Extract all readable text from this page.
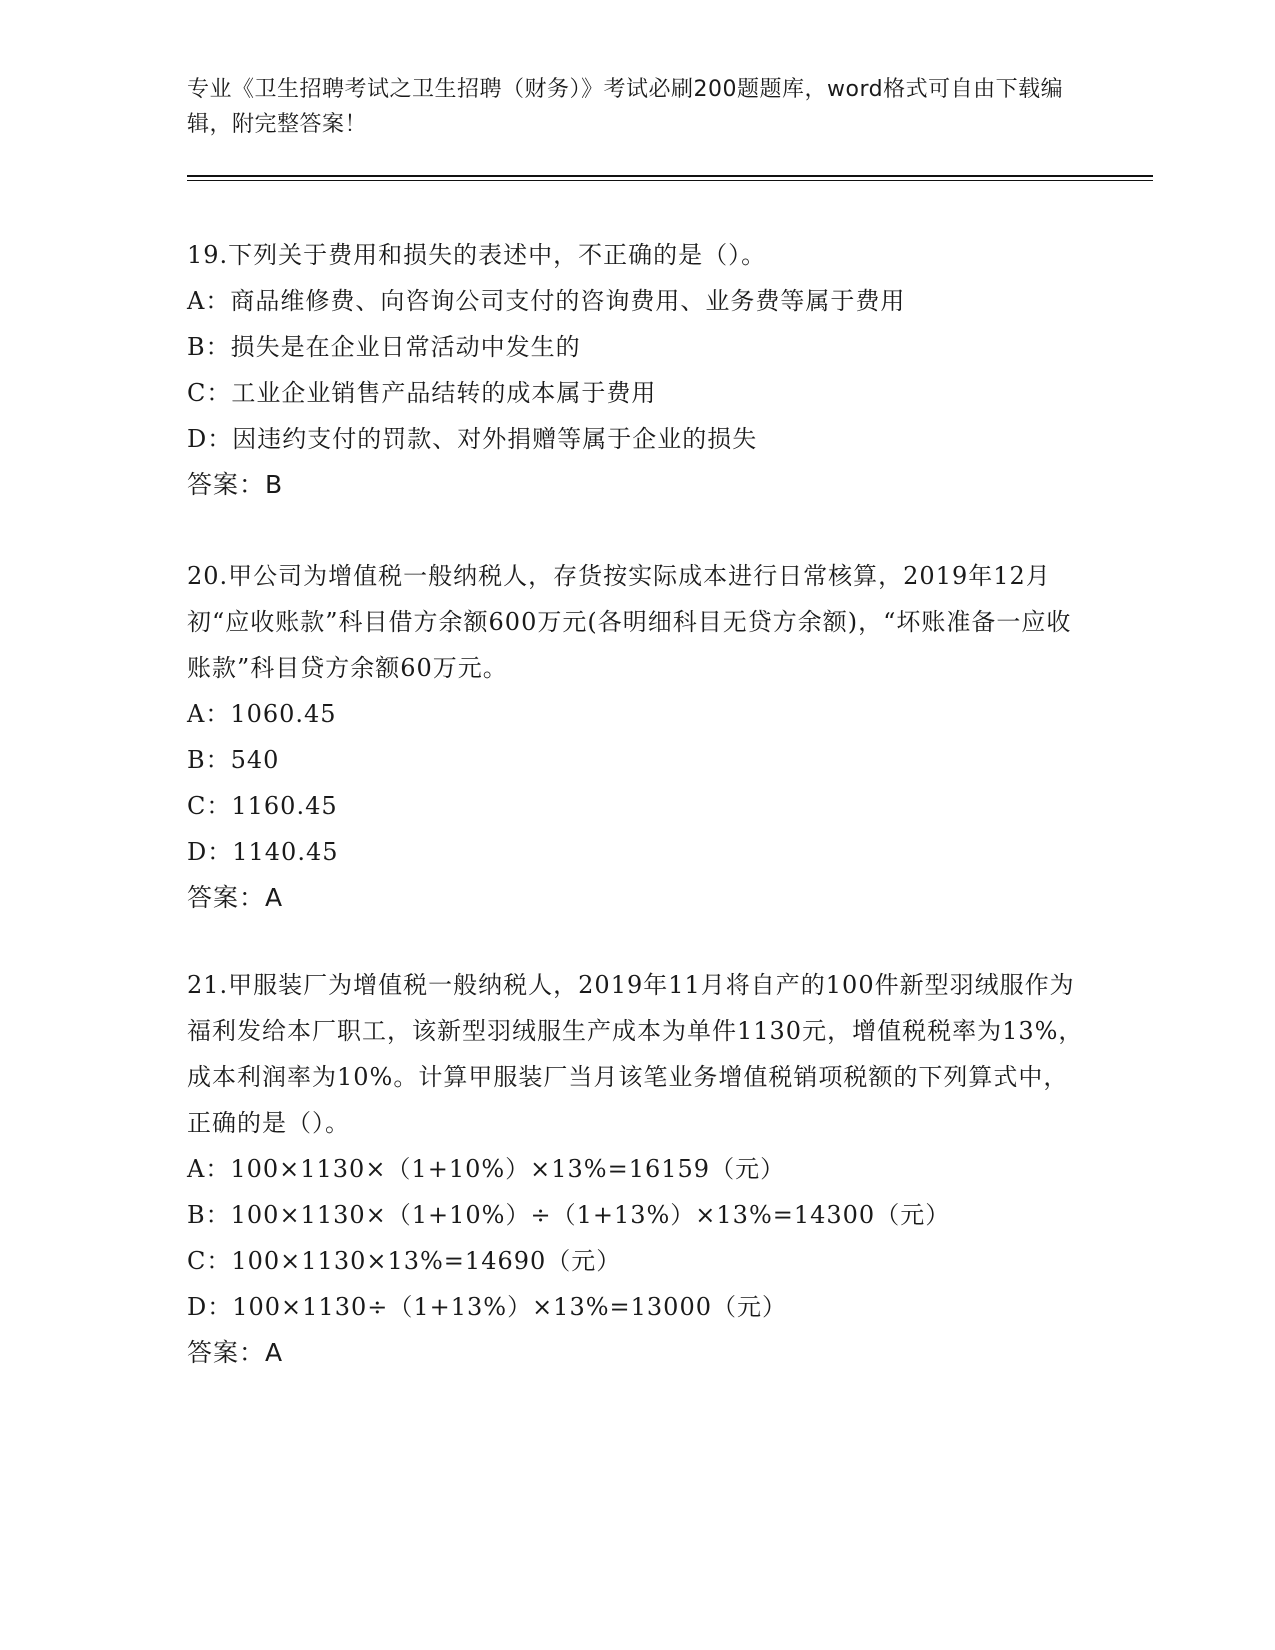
专业《卫生招聘考试之卫生招聘（财务）》考试必刷200题题库，word格式可自由下载编辑，附完整答案！

19.下列关于费用和损失的表述中，不正确的是（）。

A：商品维修费、向咨询公司支付的咨询费用、业务费等属于费用

B：损失是在企业日常活动中发生的

C：工业企业销售产品结转的成本属于费用

D：因违约支付的罚款、对外捐赠等属于企业的损失

答案：B

20.甲公司为增值税一般纳税人，存货按实际成本进行日常核算，2019年12月初“应收账款”科目借方余额600万元(各明细科目无贷方余额)，“坏账准备一应收账款”科目贷方余额60万元。

A：1060.45

B：540

C：1160.45

D：1140.45

答案：A

21.甲服装厂为增值税一般纳税人，2019年11月将自产的100件新型羽绒服作为福利发给本厂职工，该新型羽绒服生产成本为单件1130元，增值税税率为13%，成本利润率为10%。计算甲服装厂当月该笔业务增值税销项税额的下列算式中，正确的是（）。

A：100×1130×（1+10%）×13%=16159（元）

B：100×1130×（1+10%）÷（1+13%）×13%=14300（元）

C：100×1130×13%=14690（元）

D：100×1130÷（1+13%）×13%=13000（元）

答案：A
